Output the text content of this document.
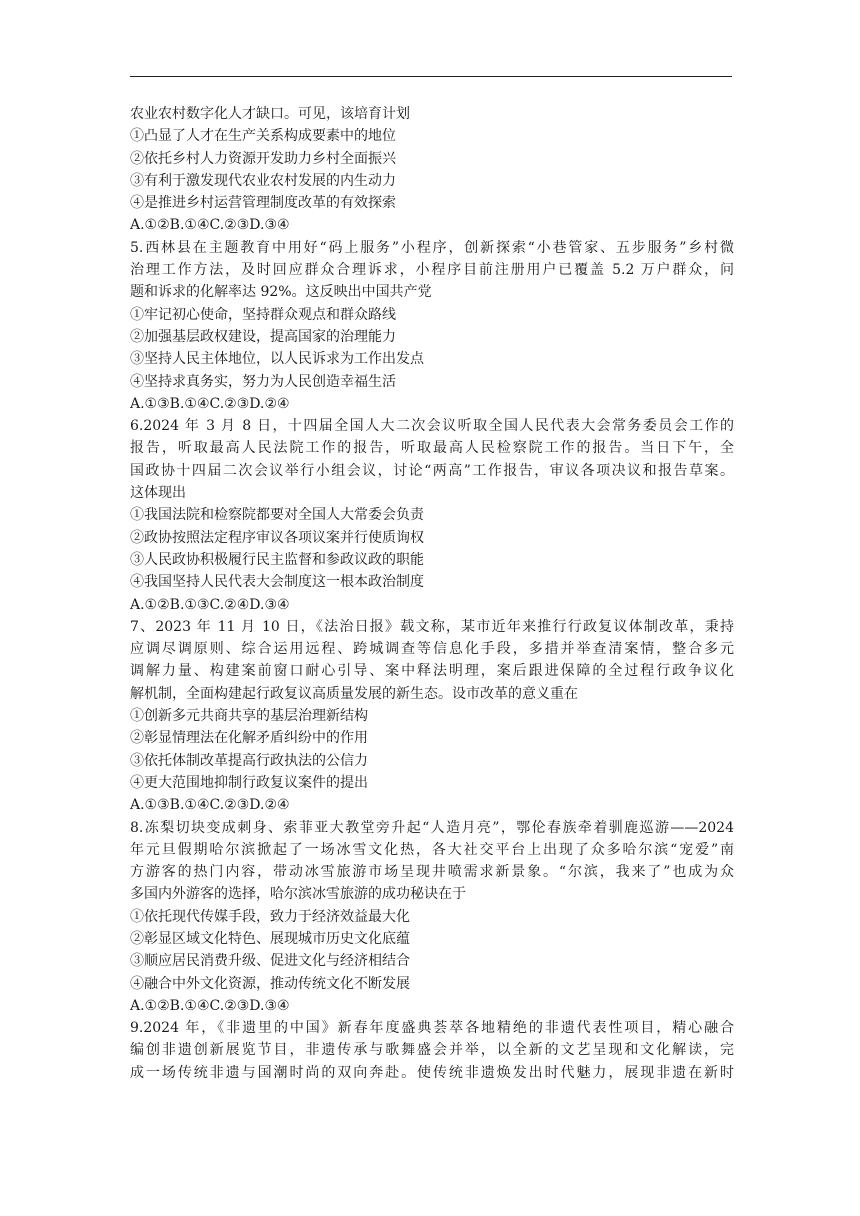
农业农村数字化人才缺口。可见，该培育计划
①凸显了人才在生产关系构成要素中的地位
②依托乡村人力资源开发助力乡村全面振兴
③有利于激发现代农业农村发展的内生动力
④是推进乡村运营管理制度改革的有效探索
A.①②B.①④C.②③D.③④
5.西林县在主题教育中用好“码上服务”小程序，创新探索“小巷管家、五步服务”乡村微
治理工作方法，及时回应群众合理诉求，小程序目前注册用户已覆盖 5.2 万户群众，问
题和诉求的化解率达 92%。这反映出中国共产党
①牢记初心使命，坚持群众观点和群众路线
②加强基层政权建设，提高国家的治理能力
③坚持人民主体地位，以人民诉求为工作出发点
④坚持求真务实，努力为人民创造幸福生活
A.①③B.①④C.②③D.②④
6.2024 年 3 月 8 日，十四届全国人大二次会议听取全国人民代表大会常务委员会工作的
报告，听取最高人民法院工作的报告，听取最高人民检察院工作的报告。当日下午，全
国政协十四届二次会议举行小组会议，讨论“两高”工作报告，审议各项决议和报告草案。
这体现出
①我国法院和检察院都要对全国人大常委会负责
②政协按照法定程序审议各项议案并行使质询权
③人民政协积极履行民主监督和参政议政的职能
④我国坚持人民代表大会制度这一根本政治制度
A.①②B.①③C.②④D.③④
7、2023 年 11 月 10 日，《法治日报》载文称，某市近年来推行行政复议体制改革，秉持
应调尽调原则、综合运用远程、跨城调查等信息化手段，多措并举查清案情，整合多元
调解力量、构建案前窗口耐心引导、案中释法明理，案后跟进保障的全过程行政争议化
解机制，全面构建起行政复议高质量发展的新生态。设市改革的意义重在
①创新多元共商共享的基层治理新结构
②彰显情理法在化解矛盾纠纷中的作用
③依托体制改革提高行政执法的公信力
④更大范围地抑制行政复议案件的提出
A.①③B.①④C.②③D.②④
8.冻梨切块变成刺身、索菲亚大教堂旁升起“人造月亮”，鄂伦春族牵着驯鹿巡游——2024
年元旦假期哈尔滨掀起了一场冰雪文化热，各大社交平台上出现了众多哈尔滨“宠爱”南
方游客的热门内容，带动冰雪旅游市场呈现井喷需求新景象。“尔滨，我来了”也成为众
多国内外游客的选择，哈尔滨冰雪旅游的成功秘诀在于
①依托现代传媒手段，致力于经济效益最大化
②彰显区域文化特色、展现城市历史文化底蕴
③顺应居民消费升级、促进文化与经济相结合
④融合中外文化资源，推动传统文化不断发展
A.①②B.①④C.②③D.③④
9.2024 年，《非遗里的中国》新春年度盛典荟萃各地精绝的非遗代表性项目，精心融合
编创非遗创新展览节目，非遗传承与歌舞盛会并举，以全新的文艺呈现和文化解读，完
成一场传统非遗与国潮时尚的双向奔赴。使传统非遗焕发出时代魅力，展现非遗在新时
